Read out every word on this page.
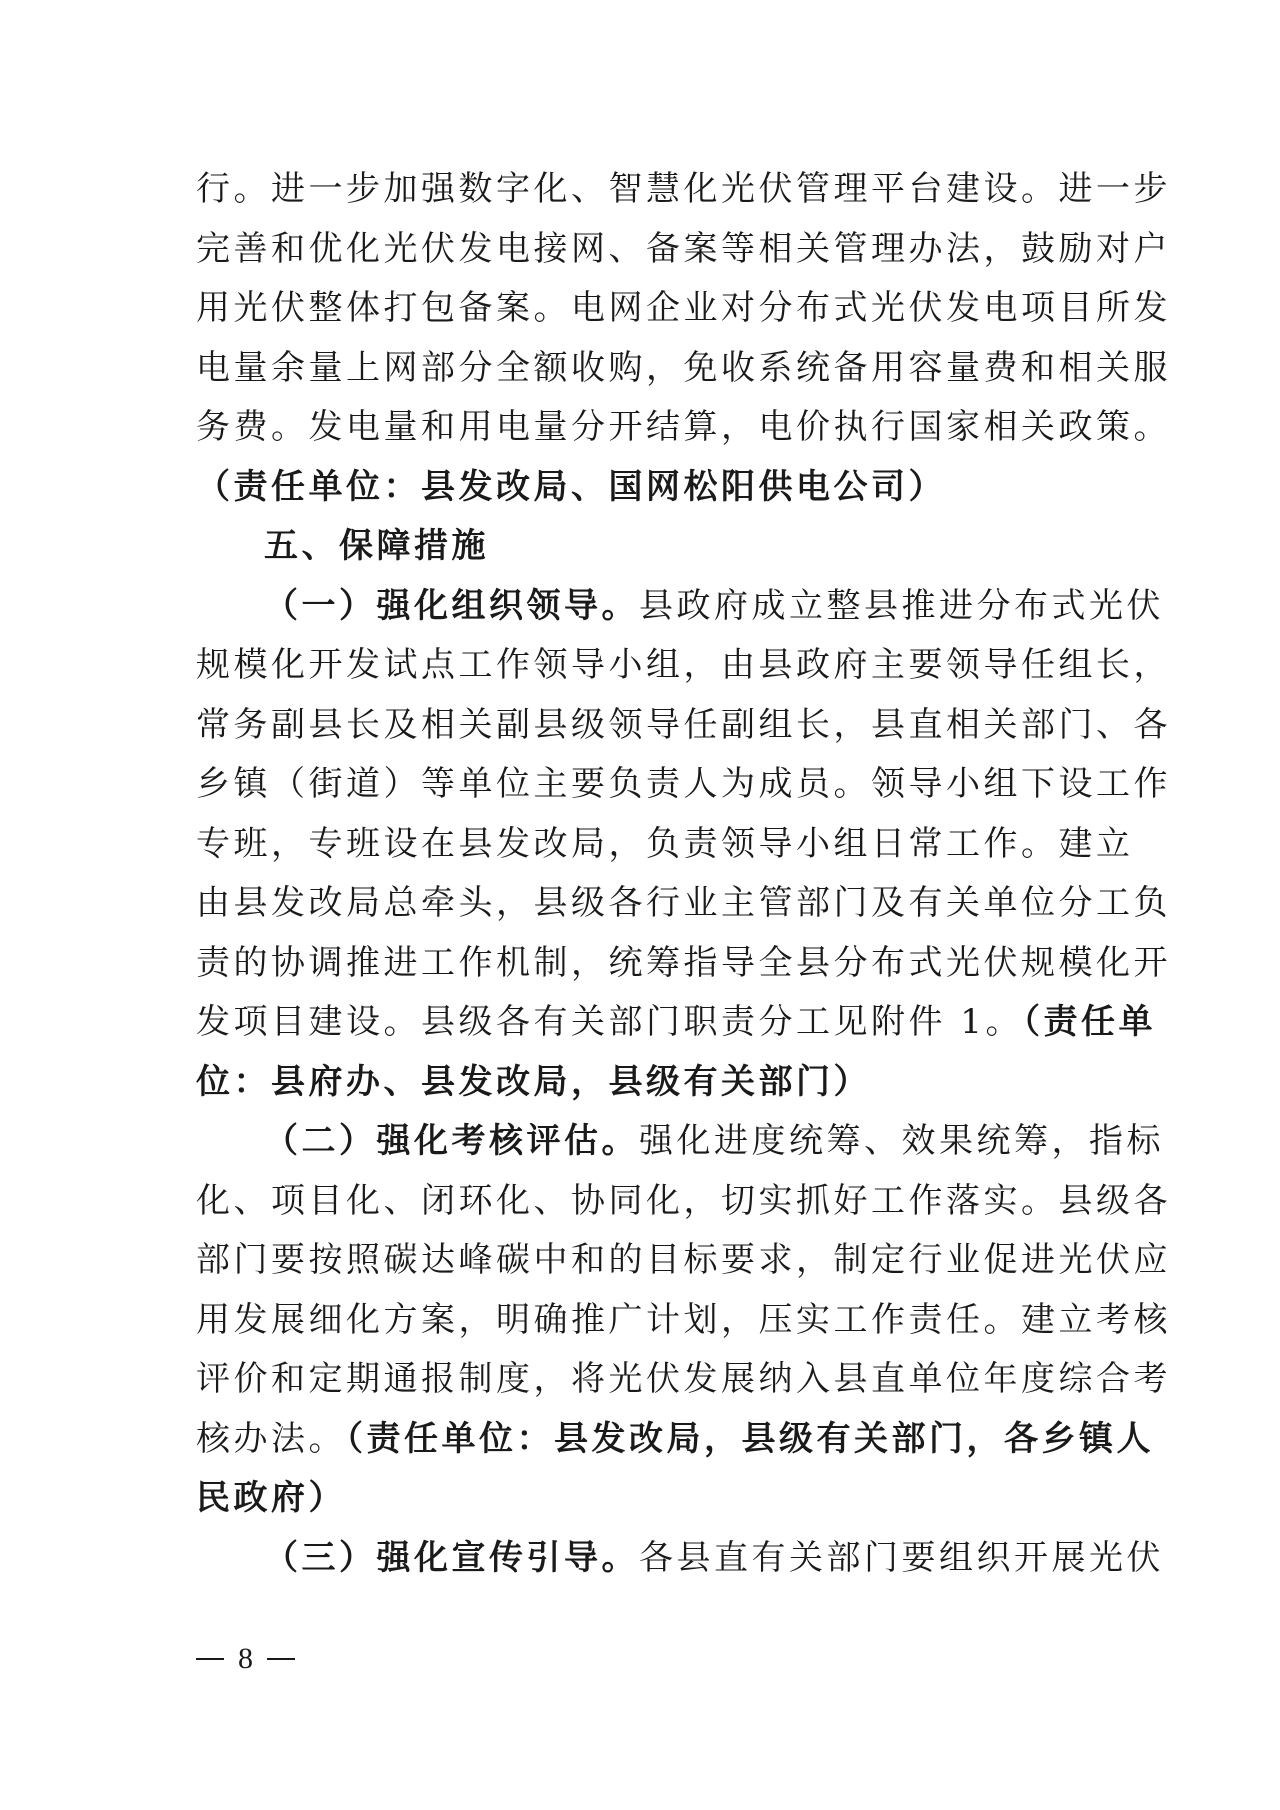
行。进一步加强数字化、智慧化光伏管理平台建设。进一步
完善和优化光伏发电接网、备案等相关管理办法，鼓励对户
用光伏整体打包备案。电网企业对分布式光伏发电项目所发
电量余量上网部分全额收购，免收系统备用容量费和相关服
务费。发电量和用电量分开结算，电价执行国家相关政策。
（责任单位：县发改局、国网松阳供电公司）
五、保障措施
（一）强化组织领导。县政府成立整县推进分布式光伏
规模化开发试点工作领导小组，由县政府主要领导任组长，
常务副县长及相关副县级领导任副组长，县直相关部门、各
乡镇（街道）等单位主要负责人为成员。领导小组下设工作
专班，专班设在县发改局，负责领导小组日常工作。建立
由县发改局总牵头，县级各行业主管部门及有关单位分工负
责的协调推进工作机制，统筹指导全县分布式光伏规模化开
发项目建设。县级各有关部门职责分工见附件 1。（责任单
位：县府办、县发改局，县级有关部门）
（二）强化考核评估。强化进度统筹、效果统筹，指标
化、项目化、闭环化、协同化，切实抓好工作落实。县级各
部门要按照碳达峰碳中和的目标要求，制定行业促进光伏应
用发展细化方案，明确推广计划，压实工作责任。建立考核
评价和定期通报制度，将光伏发展纳入县直单位年度综合考
核办法。（责任单位：县发改局，县级有关部门，各乡镇人
民政府）
（三）强化宣传引导。各县直有关部门要组织开展光伏
8
